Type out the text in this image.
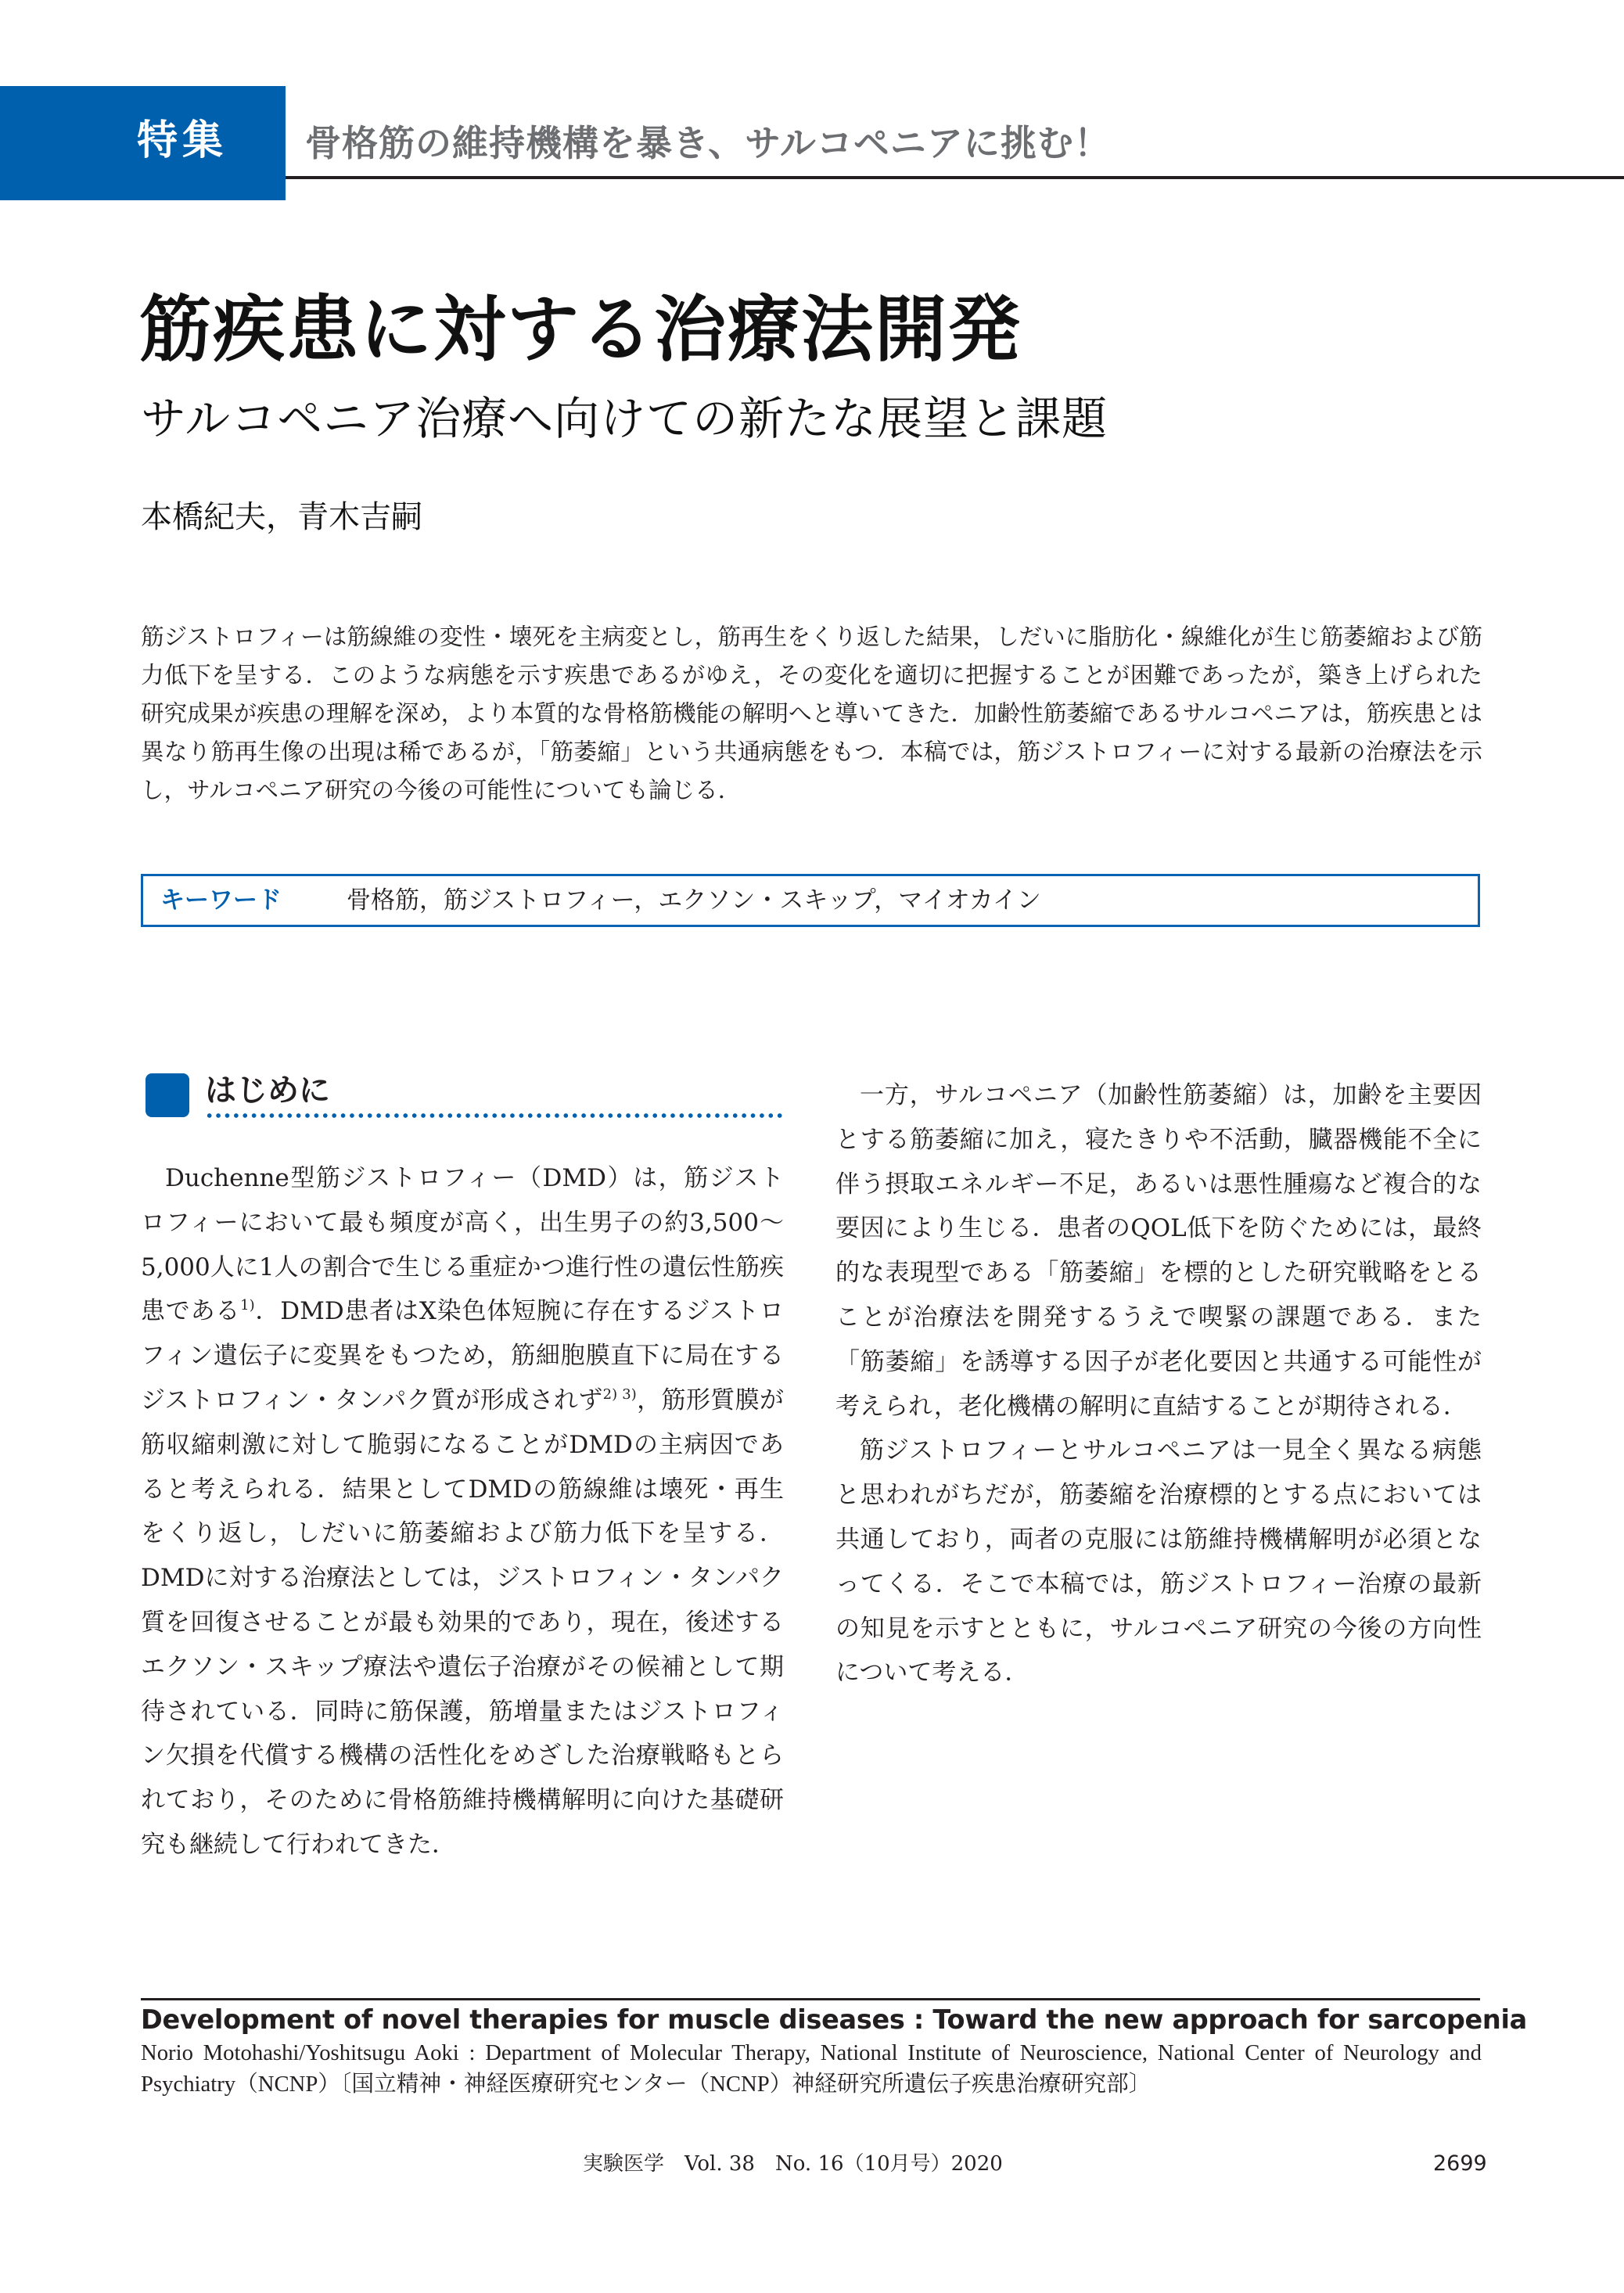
特集 骨格筋の維持機構を暴き、サルコペニアに挑む！
筋疾患に対する治療法開発
サルコペニア治療へ向けての新たな展望と課題
本橋紀夫，青木吉嗣
筋ジストロフィーは筋線維の変性・壊死を主病変とし，筋再生をくり返した結果，しだいに脂肪化・線維化が生じ筋萎縮および筋力低下を呈する．このような病態を示す疾患であるがゆえ，その変化を適切に把握することが困難であったが，築き上げられた研究成果が疾患の理解を深め，より本質的な骨格筋機能の解明へと導いてきた．加齢性筋萎縮であるサルコペニアは，筋疾患とは異なり筋再生像の出現は稀であるが，「筋萎縮」という共通病態をもつ．本稿では，筋ジストロフィーに対する最新の治療法を示し，サルコペニア研究の今後の可能性についても論じる．
キーワード	骨格筋，筋ジストロフィー，エクソン・スキップ，マイオカイン
はじめに

Duchenne型筋ジストロフィー（DMD）は，筋ジストロフィーにおいて最も頻度が高く，出生男子の約3,500～5,000人に1人の割合で生じる重症かつ進行性の遺伝性筋疾患である$^{1)}$．DMD患者はX染色体短腕に存在するジストロフィン遺伝子に変異をもつため，筋細胞膜直下に局在するジストロフィン・タンパク質が形成されず$^{2) 3)}$，筋形質膜が筋収縮刺激に対して脆弱になることがDMDの主病因であると考えられる．結果としてDMDの筋線維は壊死・再生をくり返し，しだいに筋萎縮および筋力低下を呈する．DMDに対する治療法としては，ジストロフィン・タンパク質を回復させることが最も効果的であり，現在，後述するエクソン・スキップ療法や遺伝子治療がその候補として期待されている．同時に筋保護，筋増量またはジストロフィン欠損を代償する機構の活性化をめざした治療戦略もとられており，そのために骨格筋維持機構解明に向けた基礎研究も継続して行われてきた．

一方，サルコペニア（加齢性筋萎縮）は，加齢を主要因とする筋萎縮に加え，寝たきりや不活動，臓器機能不全に伴う摂取エネルギー不足，あるいは悪性腫瘍など複合的な要因により生じる．患者のQOL低下を防ぐためには，最終的な表現型である「筋萎縮」を標的とした研究戦略をとることが治療法を開発するうえで喫緊の課題である．また「筋萎縮」を誘導する因子が老化要因と共通する可能性が考えられ，老化機構の解明に直結することが期待される．

筋ジストロフィーとサルコペニアは一見全く異なる病態と思われがちだが，筋萎縮を治療標的とする点においては共通しており，両者の克服には筋維持機構解明が必須となってくる．そこで本稿では，筋ジストロフィー治療の最新の知見を示すとともに，サルコペニア研究の今後の方向性について考える．

Development of novel therapies for muscle diseases : Toward the new approach for sarcopenia
Norio Motohashi/Yoshitsugu Aoki : Department of Molecular Therapy, National Institute of Neuroscience, National Center of Neurology and Psychiatry（NCNP）〔国立精神・神経医療研究センター（NCNP）神経研究所遺伝子疾患治療研究部〕
実験医学　Vol. 38　No. 16（10月号）2020	2699
